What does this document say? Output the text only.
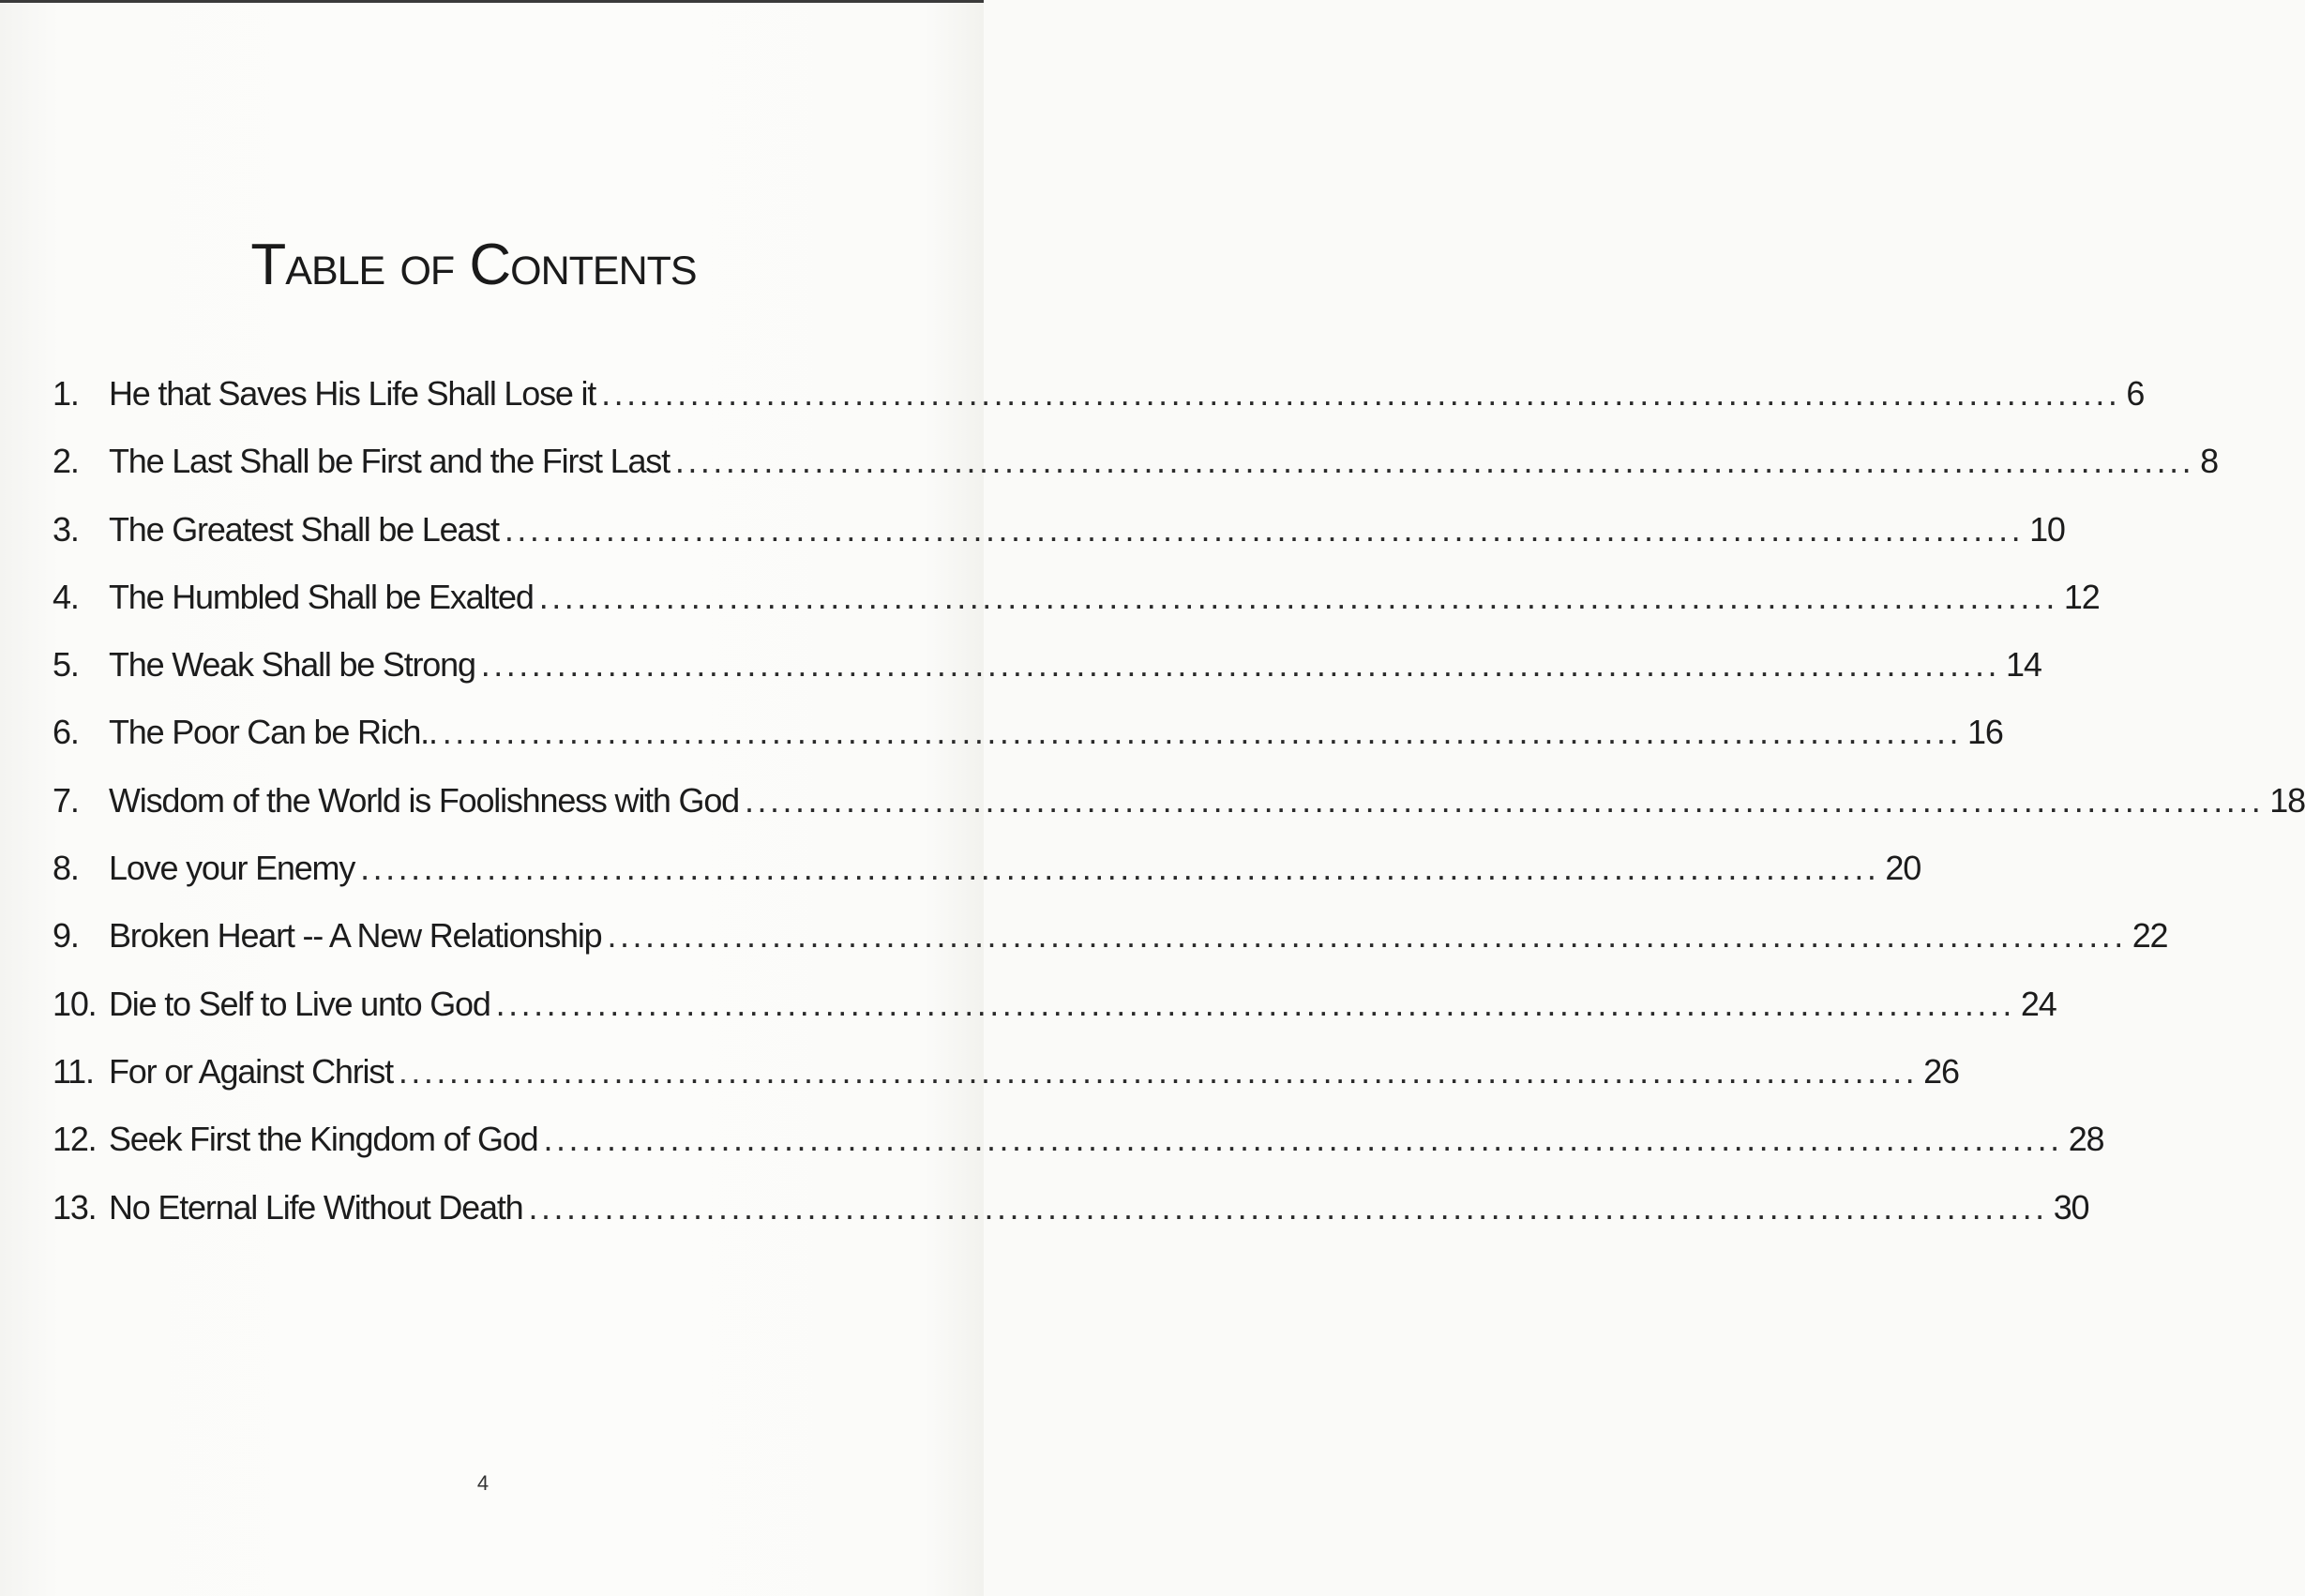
Table of Contents
1. He that Saves His Life Shall Lose it ........................................................................................................................ 6
2. The Last Shall be First and the First Last ........................................................................................................................ 8
3. The Greatest Shall be Least ........................................................................................................................ 10
4. The Humbled Shall be Exalted ........................................................................................................................ 12
5. The Weak Shall be Strong ........................................................................................................................ 14
6. The Poor Can be Rich.. ........................................................................................................................ 16
7. Wisdom of the World is Foolishness with God ........................................................................................................................ 18
8. Love your Enemy ........................................................................................................................ 20
9. Broken Heart -- A New Relationship ........................................................................................................................ 22
10. Die to Self to Live unto God ........................................................................................................................ 24
11. For or Against Christ ........................................................................................................................ 26
12. Seek First the Kingdom of God ........................................................................................................................ 28
13. No Eternal Life Without Death ........................................................................................................................ 30

4
